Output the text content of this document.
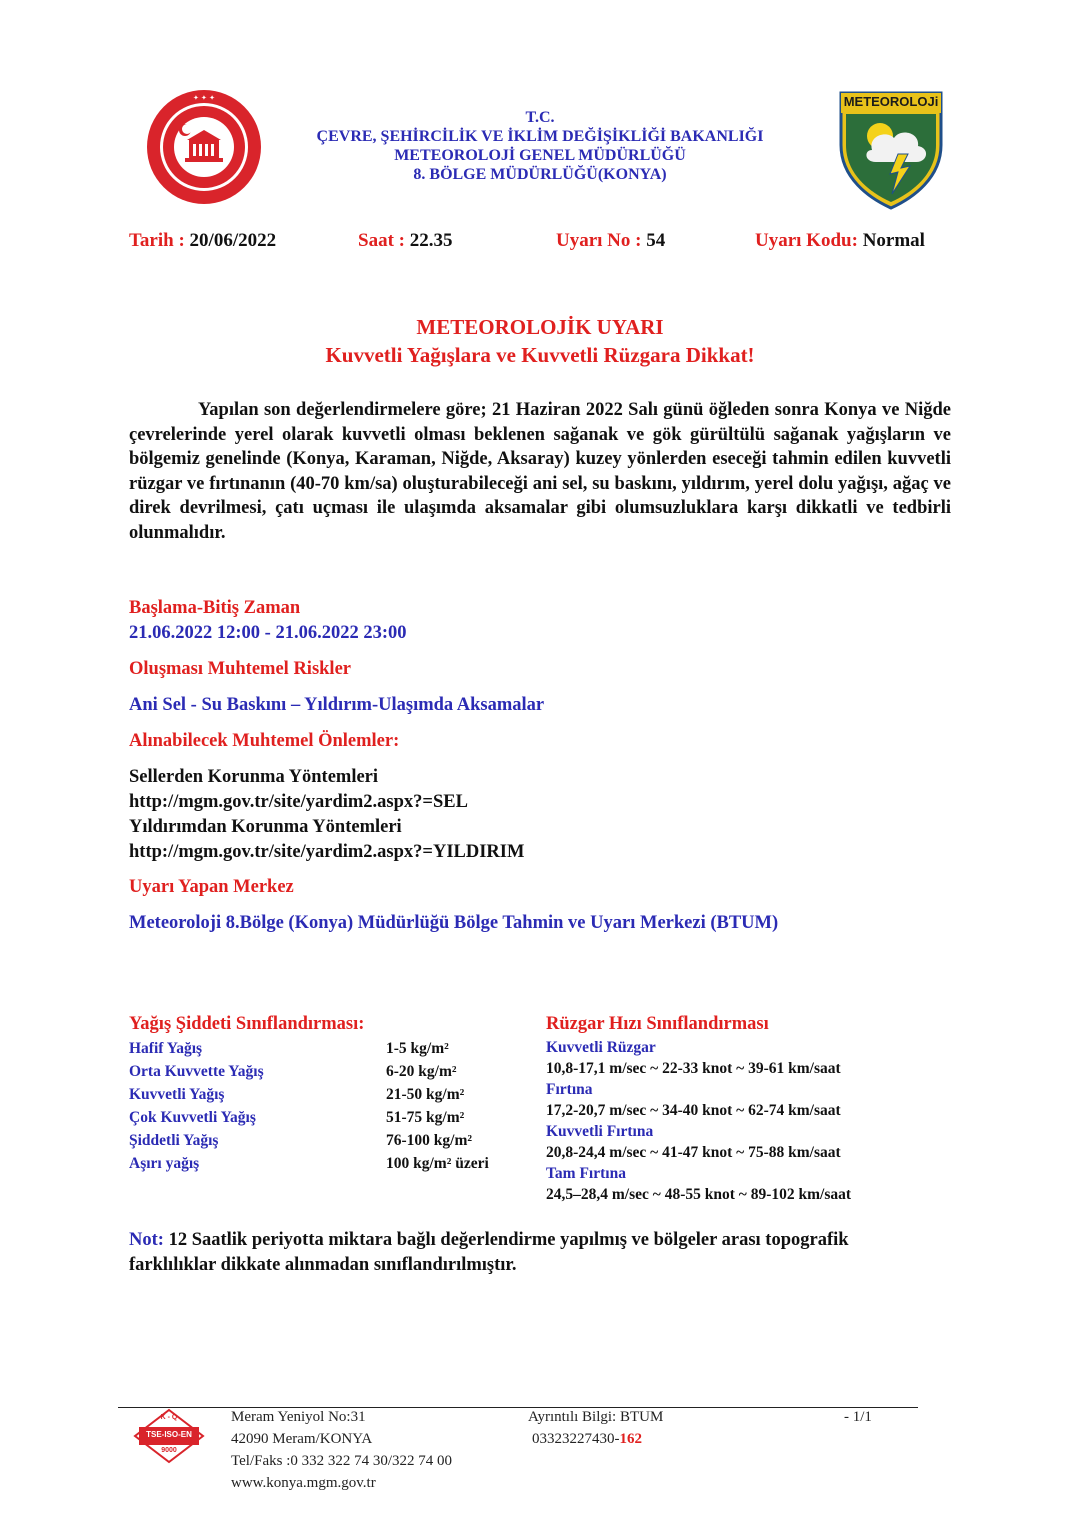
✦ ✦ ✦
T.C.
ÇEVRE, ŞEHİRCİLİK VE İKLİM DEĞİŞİKLİĞİ BAKANLIĞI
METEOROLOJİ GENEL MÜDÜRLÜĞÜ
8. BÖLGE MÜDÜRLÜĞÜ(KONYA)
METEOROLOJi
Tarih : 20/06/2022	Saat : 22.35	Uyarı No : 54	Uyarı Kodu: Normal
METEOROLOJİK UYARI
Kuvvetli Yağışlara ve Kuvvetli Rüzgara Dikkat!
Yapılan son değerlendirmelere göre; 21 Haziran 2022 Salı günü öğleden sonra Konya ve Niğde çevrelerinde yerel olarak kuvvetli olması beklenen sağanak ve gök gürültülü sağanak yağışların ve bölgemiz genelinde (Konya, Karaman, Niğde, Aksaray) kuzey yönlerden eseceği tahmin edilen kuvvetli rüzgar ve fırtınanın (40-70 km/sa) oluşturabileceği ani sel, su baskını, yıldırım, yerel dolu yağışı, ağaç ve direk devrilmesi, çatı uçması ile ulaşımda aksamalar gibi olumsuzluklara karşı dikkatli ve tedbirli olunmalıdır.
Başlama-Bitiş Zaman
21.06.2022 12:00 - 21.06.2022 23:00
Oluşması Muhtemel Riskler
Ani Sel - Su Baskını – Yıldırım-Ulaşımda Aksamalar
Alınabilecek Muhtemel Önlemler:
Sellerden Korunma Yöntemleri
http://mgm.gov.tr/site/yardim2.aspx?=SEL
Yıldırımdan Korunma Yöntemleri
http://mgm.gov.tr/site/yardim2.aspx?=YILDIRIM
Uyarı Yapan Merkez
Meteoroloji 8.Bölge (Konya) Müdürlüğü Bölge Tahmin ve Uyarı Merkezi (BTUM)
Yağış Şiddeti Sınıflandırması:
Hafif Yağış	1-5 kg/m²
Orta Kuvvette Yağış	6-20 kg/m²
Kuvvetli Yağış	21-50 kg/m²
Çok Kuvvetli Yağış	51-75 kg/m²
Şiddetli Yağış	76-100 kg/m²
Aşırı yağış	100 kg/m² üzeri
Rüzgar Hızı Sınıflandırması
Kuvvetli Rüzgar
10,8-17,1 m/sec ~ 22-33 knot ~ 39-61 km/saat
Fırtına
17,2-20,7 m/sec ~ 34-40 knot ~ 62-74 km/saat
Kuvvetli Fırtına
20,8-24,4 m/sec ~ 41-47 knot ~ 75-88 km/saat
Tam Fırtına
24,5–28,4 m/sec ~ 48-55 knot ~ 89-102 km/saat
Not: 12 Saatlik periyotta miktara bağlı değerlendirme yapılmış ve bölgeler arası topografik farklılıklar dikkate alınmadan sınıflandırılmıştır.
K - Q
TSE-ISO-EN
9000
Meram Yeniyol No:31
42090 Meram/KONYA
Tel/Faks :0 332 322 74 30/322 74 00
www.konya.mgm.gov.tr
Ayrıntılı Bilgi: BTUM
03323227430-162
- 1/1
